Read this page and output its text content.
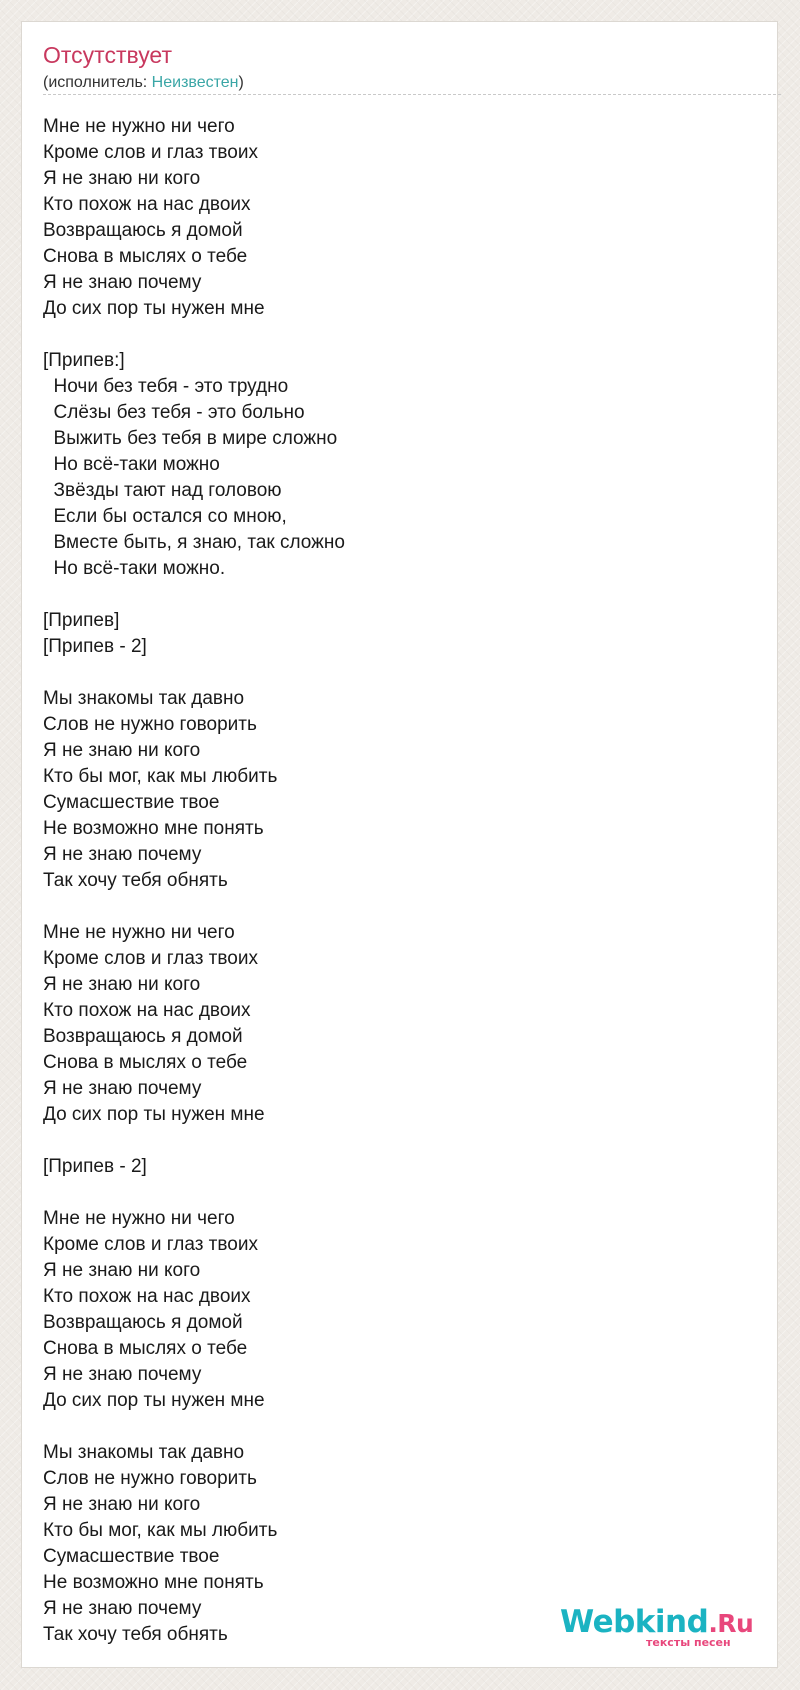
Отсутствует
(исполнитель: Неизвестен)
Мне не нужно ни чего
Кроме слов и глаз твоих
Я не знаю ни кого
Кто похож на нас двоих
Возвращаюсь я домой
Снова в мыслях о тебе
Я не знаю почему
До сих пор ты нужен мне

[Припев:]
Ночи без тебя - это трудно
Слёзы без тебя - это больно
Выжить без тебя в мире сложно
Но всё-таки можно
Звёзды тают над головою
Если бы остался со мною,
Вместе быть, я знаю, так сложно
Но всё-таки можно.

[Припев]
[Припев - 2]

Мы знакомы так давно
Слов не нужно говорить
Я не знаю ни кого
Кто бы мог, как мы любить
Сумасшествие твое
Не возможно мне понять
Я не знаю почему
Так хочу тебя обнять

Мне не нужно ни чего
Кроме слов и глаз твоих
Я не знаю ни кого
Кто похож на нас двоих
Возвращаюсь я домой
Снова в мыслях о тебе
Я не знаю почему
До сих пор ты нужен мне

[Припев - 2]

Мне не нужно ни чего
Кроме слов и глаз твоих
Я не знаю ни кого
Кто похож на нас двоих
Возвращаюсь я домой
Снова в мыслях о тебе
Я не знаю почему
До сих пор ты нужен мне

Мы знакомы так давно
Слов не нужно говорить
Я не знаю ни кого
Кто бы мог, как мы любить
Сумасшествие твое
Не возможно мне понять
Я не знаю почему
Так хочу тебя обнять	Webkind.Ru
тексты песен
